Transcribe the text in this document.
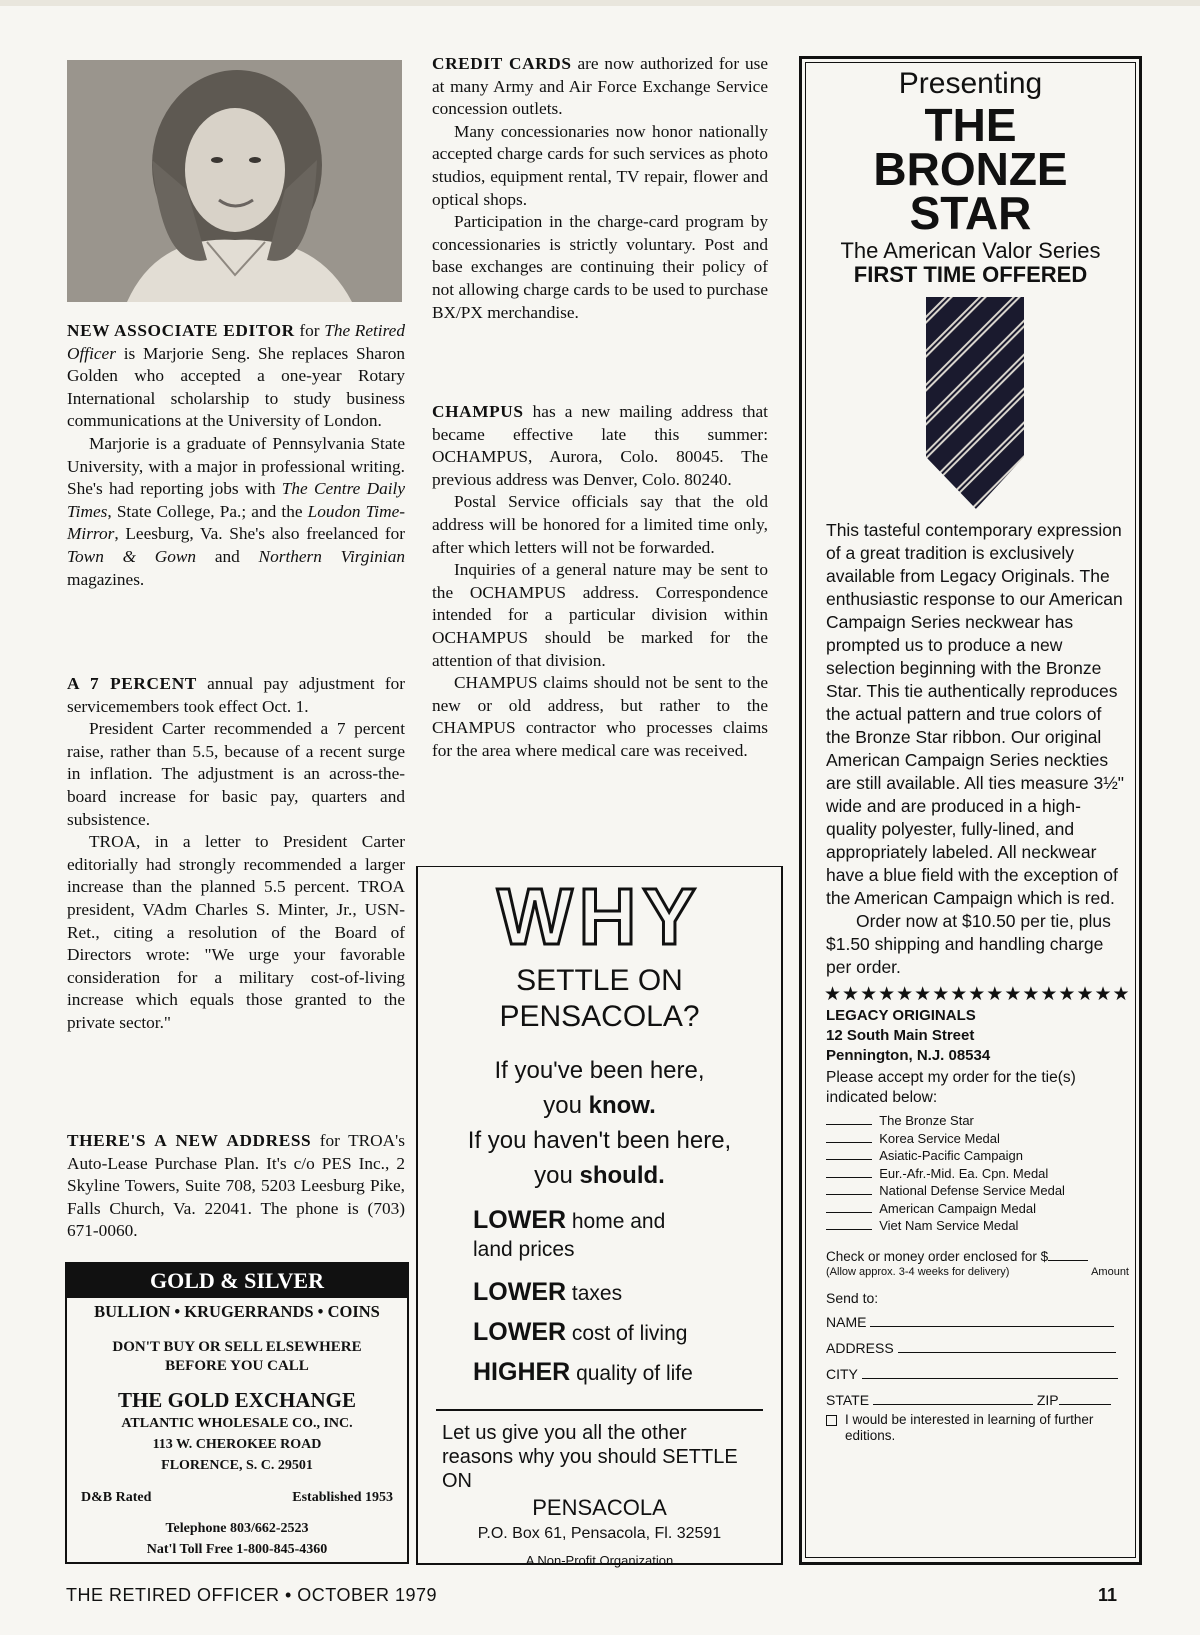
NEW ASSOCIATE EDITOR for The Retired Officer is Marjorie Seng. She replaces Sharon Golden who accepted a one-year Rotary International scholarship to study business communications at the University of London.

Marjorie is a graduate of Pennsylvania State University, with a major in professional writing. She's had reporting jobs with The Centre Daily Times, State College, Pa.; and the Loudon Time-Mirror, Leesburg, Va. She's also freelanced for Town & Gown and Northern Virginian magazines.

A 7 PERCENT annual pay adjustment for servicemembers took effect Oct. 1.

President Carter recommended a 7 percent raise, rather than 5.5, because of a recent surge in inflation. The adjustment is an across-the-board increase for basic pay, quarters and subsistence.

TROA, in a letter to President Carter editorially had strongly recommended a larger increase than the planned 5.5 percent. TROA president, VAdm Charles S. Minter, Jr., USN-Ret., citing a resolution of the Board of Directors wrote: "We urge your favorable consideration for a military cost-of-living increase which equals those granted to the private sector."

THERE'S A NEW ADDRESS for TROA's Auto-Lease Purchase Plan. It's c/o PES Inc., 2 Skyline Towers, Suite 708, 5203 Leesburg Pike, Falls Church, Va. 22041. The phone is (703) 671-0060.

GOLD & SILVER
BULLION • KRUGERRANDS • COINS
DON'T BUY OR SELL ELSEWHERE
BEFORE YOU CALL
THE GOLD EXCHANGE
ATLANTIC WHOLESALE CO., INC.
113 W. CHEROKEE ROAD
FLORENCE, S. C. 29501
D&B Rated	Established 1953
Telephone 803/662-2523
Nat'l Toll Free 1-800-845-4360

CREDIT CARDS are now authorized for use at many Army and Air Force Exchange Service concession outlets.

Many concessionaries now honor nationally accepted charge cards for such services as photo studios, equipment rental, TV repair, flower and optical shops.

Participation in the charge-card program by concessionaries is strictly voluntary. Post and base exchanges are continuing their policy of not allowing charge cards to be used to purchase BX/PX merchandise.

CHAMPUS has a new mailing address that became effective late this summer: OCHAMPUS, Aurora, Colo. 80045. The previous address was Denver, Colo. 80240.

Postal Service officials say that the old address will be honored for a limited time only, after which letters will not be forwarded.

Inquiries of a general nature may be sent to the OCHAMPUS address. Correspondence intended for a particular division within OCHAMPUS should be marked for the attention of that division.

CHAMPUS claims should not be sent to the new or old address, but rather to the CHAMPUS contractor who processes claims for the area where medical care was received.

WHY
SETTLE ON
PENSACOLA?
If you've been here,
you know.
If you haven't been here,
you should.
LOWER home and
land prices
LOWER taxes
LOWER cost of living
HIGHER quality of life
Let us give you all the other reasons why you should SETTLE ON
PENSACOLA
P.O. Box 61, Pensacola, Fl. 32591
A Non-Profit Organization
Presenting
THE
BRONZE
STAR
The American Valor Series
FIRST TIME OFFERED
This tasteful contemporary expression of a great tradition is exclusively available from Legacy Originals. The enthusiastic response to our American Campaign Series neckwear has prompted us to produce a new selection beginning with the Bronze Star. This tie authentically reproduces the actual pattern and true colors of the Bronze Star ribbon. Our original American Campaign Series neckties are still available. All ties measure 3½" wide and are produced in a high-quality polyester, fully-lined, and appropriately labeled. All neckwear have a blue field with the exception of the American Campaign which is red.
Order now at $10.50 per tie, plus $1.50 shipping and handling charge per order.
★★★★★★★★★★★★★★★★★
LEGACY ORIGINALS
12 South Main Street
Pennington, N.J. 08534
Please accept my order for the tie(s) indicated below:
The Bronze Star
Korea Service Medal
Asiatic-Pacific Campaign
Eur.-Afr.-Mid. Ea. Cpn. Medal
National Defense Service Medal
American Campaign Medal
Viet Nam Service Medal
Check or money order enclosed for $
(Allow approx. 3-4 weeks for delivery)	Amount
Send to:
NAME
ADDRESS
CITY
STATE	ZIP
I would be interested in learning of further editions.
THE RETIRED OFFICER • OCTOBER 1979	11
